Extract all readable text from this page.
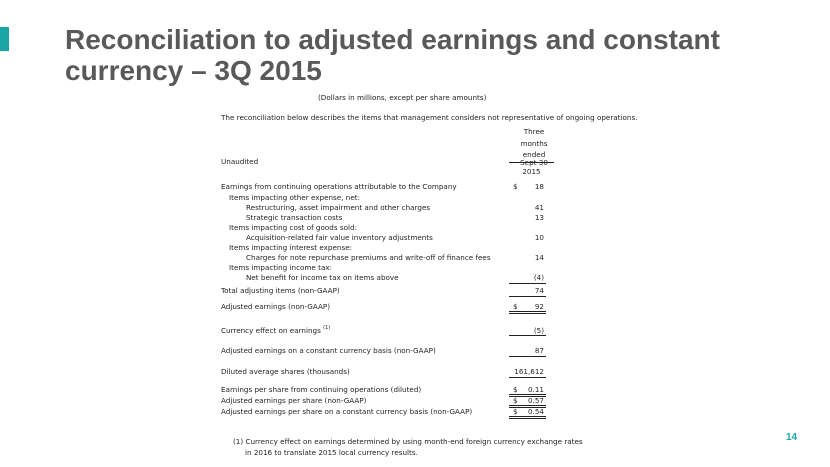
Reconciliation to adjusted earnings and constant currency – 3Q 2015
(Dollars in millions, except per share amounts)
The reconciliation below describes the items that management considers not representative of ongoing operations.
Three
months
ended
Sept 30
2015
Unaudited
Earnings from continuing operations attributable to the Company	$	18
Items impacting other expense, net:
Restructuring, asset impairment and other charges	41
Strategic transaction costs	13
Items impacting cost of goods sold:
Acquisition-related fair value inventory adjustments	10
Items impacting interest expense:
Charges for note repurchase premiums and write-off of finance fees	14
Items impacting income tax:
Net benefit for income tax on items above	(4)
Total adjusting items (non-GAAP)	74
Adjusted earnings (non-GAAP)	$	92
Currency effect on earnings $^{(1)}$	(5)
Adjusted earnings on a constant currency basis (non-GAAP)	87
Diluted average shares (thousands)	161,612
Earnings per share from continuing operations (diluted)	$	0.11
Adjusted earnings per share (non-GAAP)	$	0.57
Adjusted earnings per share on a constant currency basis (non-GAAP)	$	0.54
(1) Currency effect on earnings determined by using month-end foreign currency exchange rates
in 2016 to translate 2015 local currency results.
14
